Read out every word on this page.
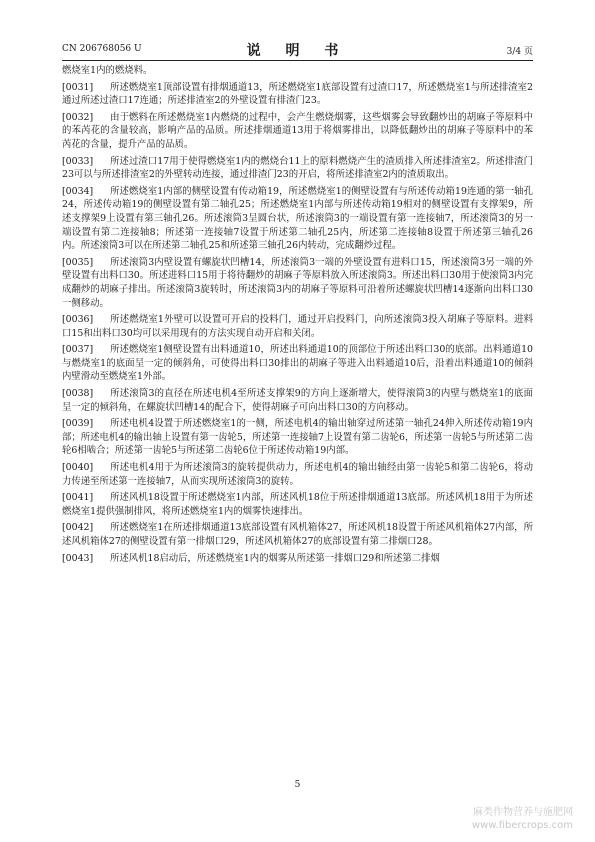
CN 206768056 U	说 明 书	3/4 页

燃烧室1内的燃烧料。

[0031] 所述燃烧室1顶部设置有排烟通道13，所述燃烧室1底部设置有过渣口17，所述燃烧室1与所述排渣室2通过所述过渣口17连通；所述排渣室2的外壁设置有排渣门23。

[0032] 由于燃料在所述燃烧室1内燃烧的过程中，会产生燃烧烟雾，这些烟雾会导致翻炒出的胡麻子等原料中的苯芮花的含量较高，影响产品的品质。所述排烟通道13用于将烟雾排出，以降低翻炒出的胡麻子等原料中的苯芮花的含量，提升产品的品质。

[0033] 所述过渣口17用于使得燃烧室1内的燃烧台11上的原料燃烧产生的渣质排入所述排渣室2。所述排渣门23可以与所述排渣室2的外壁转动连接，通过排渣门23的开启，将所述排渣室2内的渣质取出。

[0034] 所述燃烧室1内部的侧壁设置有传动箱19，所述燃烧室1的侧壁设置有与所述传动箱19连通的第一轴孔24，所述传动箱19的侧壁设置有第二轴孔25；所述燃烧室1内部与所述传动箱19相对的侧壁设置有支撑架9，所述支撑架9上设置有第三轴孔26。所述滚筒3呈圆台状，所述滚筒3的一端设置有第一连接轴7，所述滚筒3的另一端设置有第二连接轴8；所述第一连接轴7设置于所述第二轴孔25内，所述第二连接轴8设置于所述第三轴孔26内。所述滚筒3可以在所述第二轴孔25和所述第三轴孔26内转动，完成翻炒过程。

[0035] 所述滚筒3内壁设置有螺旋状凹槽14，所述滚筒3一端的外壁设置有进料口15，所述滚筒3另一端的外壁设置有出料口30。所述进料口15用于将待翻炒的胡麻子等原料放入所述滚筒3。所述出料口30用于使滚筒3内完成翻炒的胡麻子排出。所述滚筒3旋转时，所述滚筒3内的胡麻子等原料可沿着所述螺旋状凹槽14逐渐向出料口30一侧移动。

[0036] 所述燃烧室1外壁可以设置可开启的投料门，通过开启投料门，向所述滚筒3投入胡麻子等原料。进料口15和出料口30均可以采用现有的方法实现自动开启和关闭。

[0037] 所述燃烧室1侧壁设置有出料通道10，所述出料通道10的顶部位于所述出料口30的底部。出料通道10与燃烧室1的底面呈一定的倾斜角，可使得出料口30排出的胡麻子等进入出料通道10后，沿着出料通道10的倾斜内壁滑动至燃烧室1外部。

[0038] 所述滚筒3的直径在所述电机4至所述支撑架9的方向上逐渐增大，使得滚筒3的内壁与燃烧室1的底面呈一定的倾斜角，在螺旋状凹槽14的配合下，使得胡麻子可向出料口30的方向移动。

[0039] 所述电机4设置于所述燃烧室1的一侧，所述电机4的输出轴穿过所述第一轴孔24伸入所述传动箱19内部；所述电机4的输出轴上设置有第一齿轮5，所述第一连接轴7上设置有第二齿轮6，所述第一齿轮5与所述第二齿轮6相啮合；所述第一齿轮5与所述第二齿轮6位于所述传动箱19内部。

[0040] 所述电机4用于为所述滚筒3的旋转提供动力，所述电机4的输出轴经由第一齿轮5和第二齿轮6，将动力传递至所述第一连接轴7，从而实现所述滚筒3的旋转。

[0041] 所述风机18设置于所述燃烧室1内部，所述风机18位于所述排烟通道13底部。所述风机18用于为所述燃烧室1提供强制排风，将所述燃烧室1内的烟雾快速排出。

[0042] 所述燃烧室1在所述排烟通道13底部设置有风机箱体27，所述风机18设置于所述风机箱体27内部，所述风机箱体27的侧壁设置有第一排烟口29，所述风机箱体27的底部设置有第二排烟口28。

[0043] 所述风机18启动后，所述燃烧室1内的烟雾从所述第一排烟口29和所述第二排烟

5
麻类作物营养与施肥网
www.fibercrops.com
